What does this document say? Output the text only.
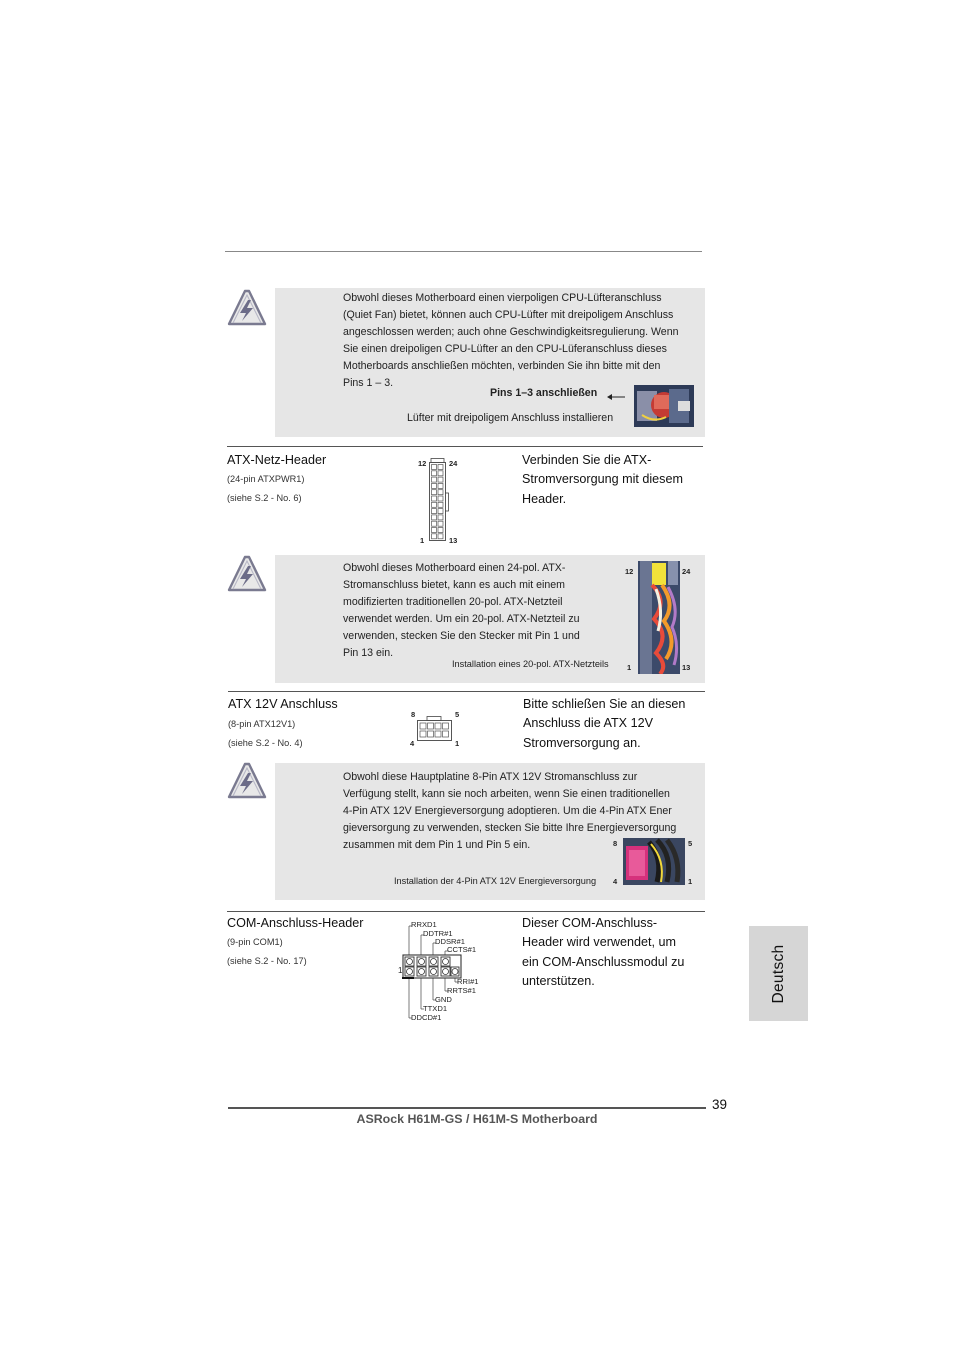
Obwohl dieses Motherboard einen vierpoligen CPU-Lüfteranschluss
(Quiet Fan) bietet, können auch CPU-Lüfter mit dreipoligem Anschluss
angeschlossen werden; auch ohne Geschwindigkeitsregulierung. Wenn
Sie einen dreipoligen CPU-Lüfter an den CPU-Lüferanschluss dieses
Motherboards anschließen möchten, verbinden Sie ihn bitte mit den
Pins 1 – 3.
Pins 1–3 anschließen
Lüfter mit dreipoligem Anschluss installieren
ATX-Netz-Header
(24-pin ATXPWR1)
(siehe S.2 - No. 6)
12	24
1	13
Verbinden Sie die ATX-
Stromversorgung mit diesem
Header.
Obwohl dieses Motherboard einen 24-pol. ATX-
Stromanschluss bietet, kann es auch mit einem
modifizierten traditionellen 20-pol. ATX-Netzteil
verwendet werden. Um ein 20-pol. ATX-Netzteil zu
verwenden, stecken Sie den Stecker mit Pin 1 und
Pin 13 ein.
Installation eines 20-pol. ATX-Netzteils
12	24
1	13
ATX 12V Anschluss
(8-pin ATX12V1)
(siehe S.2 - No. 4)
8	5
4	1
Bitte schließen Sie an diesen
Anschluss die ATX 12V
Stromversorgung an.
Obwohl diese Hauptplatine 8-Pin ATX 12V Stromanschluss zur
Verfügung stellt, kann sie noch arbeiten, wenn Sie einen traditionellen
4-Pin ATX 12V Energieversorgung adoptieren. Um die 4-Pin ATX Ener
gieversorgung zu verwenden, stecken Sie bitte Ihre Energieversorgung
zusammen mit dem Pin 1 und Pin 5 ein.
Installation der 4-Pin ATX 12V Energieversorgung
8	5
4	1
COM-Anschluss-Header
(9-pin COM1)
(siehe S.2 - No. 17)
RRXD1
DDTR#1
DDSR#1
CCTS#1
RRI#1
RRTS#1
GND
TTXD1
DDCD#1
1
Dieser COM-Anschluss-
Header wird verwendet, um
ein COM-Anschlussmodul zu
unterstützen.	Deutsch
39
ASRock H61M-GS / H61M-S Motherboard
